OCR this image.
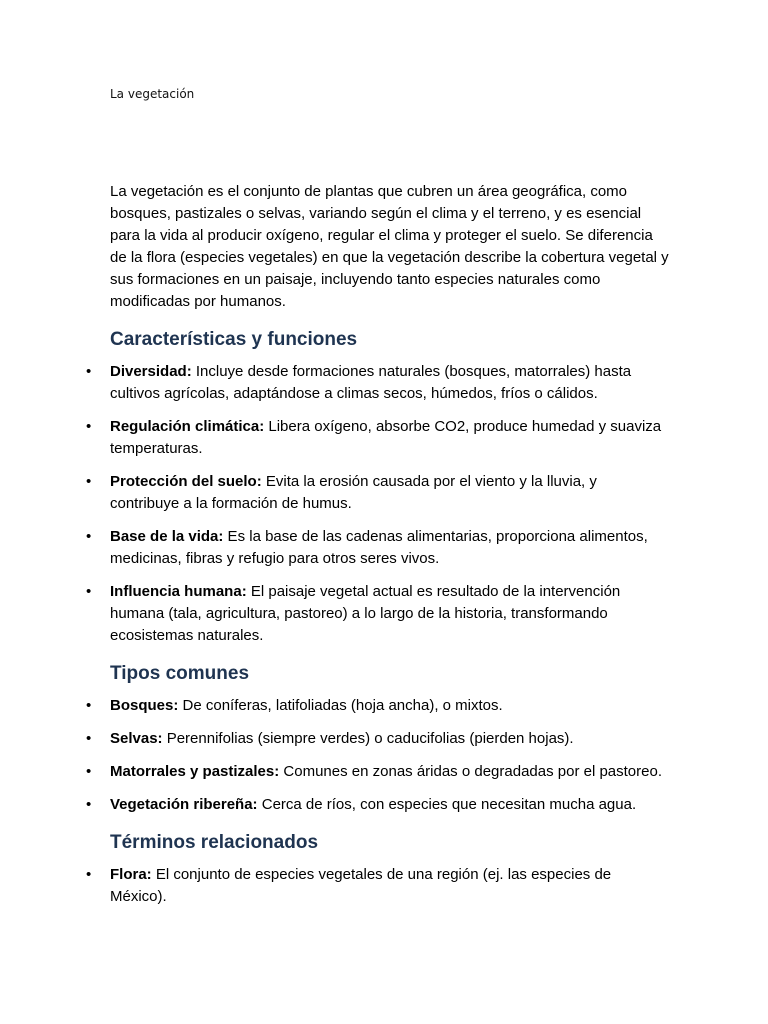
La vegetación

La vegetación es el conjunto de plantas que cubren un área geográfica, como bosques, pastizales o selvas, variando según el clima y el terreno, y es esencial para la vida al producir oxígeno, regular el clima y proteger el suelo. Se diferencia de la flora (especies vegetales) en que la vegetación describe la cobertura vegetal y sus formaciones en un paisaje, incluyendo tanto especies naturales como modificadas por humanos.

Características y funciones
• Diversidad: Incluye desde formaciones naturales (bosques, matorrales) hasta cultivos agrícolas, adaptándose a climas secos, húmedos, fríos o cálidos.
• Regulación climática: Libera oxígeno, absorbe CO2, produce humedad y suaviza temperaturas.
• Protección del suelo: Evita la erosión causada por el viento y la lluvia, y contribuye a la formación de humus.
• Base de la vida: Es la base de las cadenas alimentarias, proporciona alimentos, medicinas, fibras y refugio para otros seres vivos.
• Influencia humana: El paisaje vegetal actual es resultado de la intervención humana (tala, agricultura, pastoreo) a lo largo de la historia, transformando ecosistemas naturales.
Tipos comunes
• Bosques: De coníferas, latifoliadas (hoja ancha), o mixtos.
• Selvas: Perennifolias (siempre verdes) o caducifolias (pierden hojas).
• Matorrales y pastizales: Comunes en zonas áridas o degradadas por el pastoreo.
• Vegetación ribereña: Cerca de ríos, con especies que necesitan mucha agua.
Términos relacionados
• Flora: El conjunto de especies vegetales de una región (ej. las especies de México).
